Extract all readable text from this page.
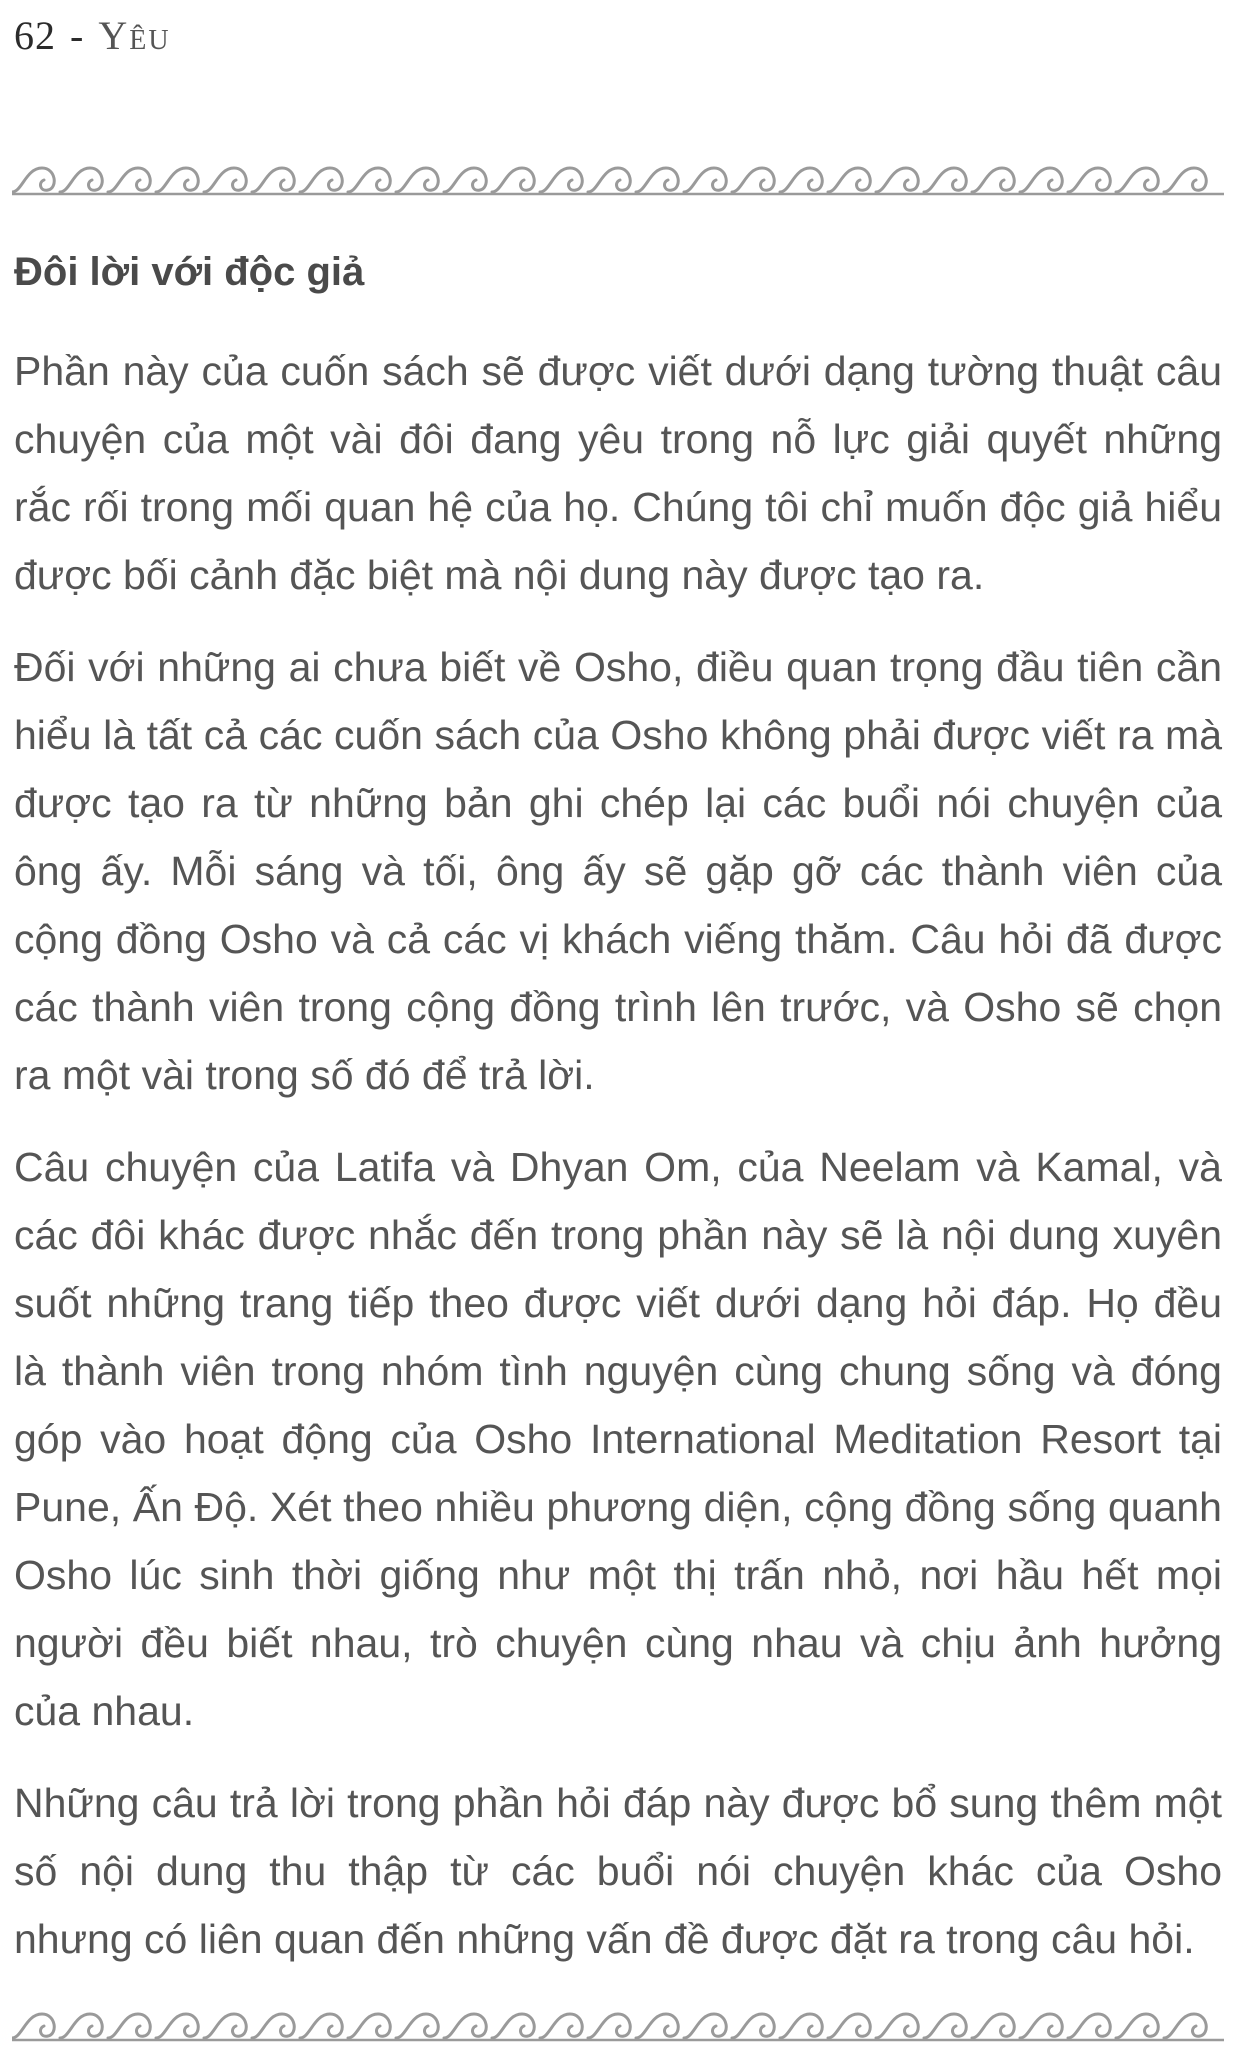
62 - Yêu
Đôi lời với độc giả

Phần này của cuốn sách sẽ được viết dưới dạng tường thuật câu chuyện của một vài đôi đang yêu trong nỗ lực giải quyết những rắc rối trong mối quan hệ của họ. Chúng tôi chỉ muốn độc giả hiểu được bối cảnh đặc biệt mà nội dung này được tạo ra.

Đối với những ai chưa biết về Osho, điều quan trọng đầu tiên cần hiểu là tất cả các cuốn sách của Osho không phải được viết ra mà được tạo ra từ những bản ghi chép lại các buổi nói chuyện của ông ấy. Mỗi sáng và tối, ông ấy sẽ gặp gỡ các thành viên của cộng đồng Osho và cả các vị khách viếng thăm. Câu hỏi đã được các thành viên trong cộng đồng trình lên trước, và Osho sẽ chọn ra một vài trong số đó để trả lời.

Câu chuyện của Latifa và Dhyan Om, của Neelam và Kamal, và các đôi khác được nhắc đến trong phần này sẽ là nội dung xuyên suốt những trang tiếp theo được viết dưới dạng hỏi đáp. Họ đều là thành viên trong nhóm tình nguyện cùng chung sống và đóng góp vào hoạt động của Osho International Meditation Resort tại Pune, Ấn Độ. Xét theo nhiều phương diện, cộng đồng sống quanh Osho lúc sinh thời giống như một thị trấn nhỏ, nơi hầu hết mọi người đều biết nhau, trò chuyện cùng nhau và chịu ảnh hưởng của nhau.

Những câu trả lời trong phần hỏi đáp này được bổ sung thêm một số nội dung thu thập từ các buổi nói chuyện khác của Osho nhưng có liên quan đến những vấn đề được đặt ra trong câu hỏi.
